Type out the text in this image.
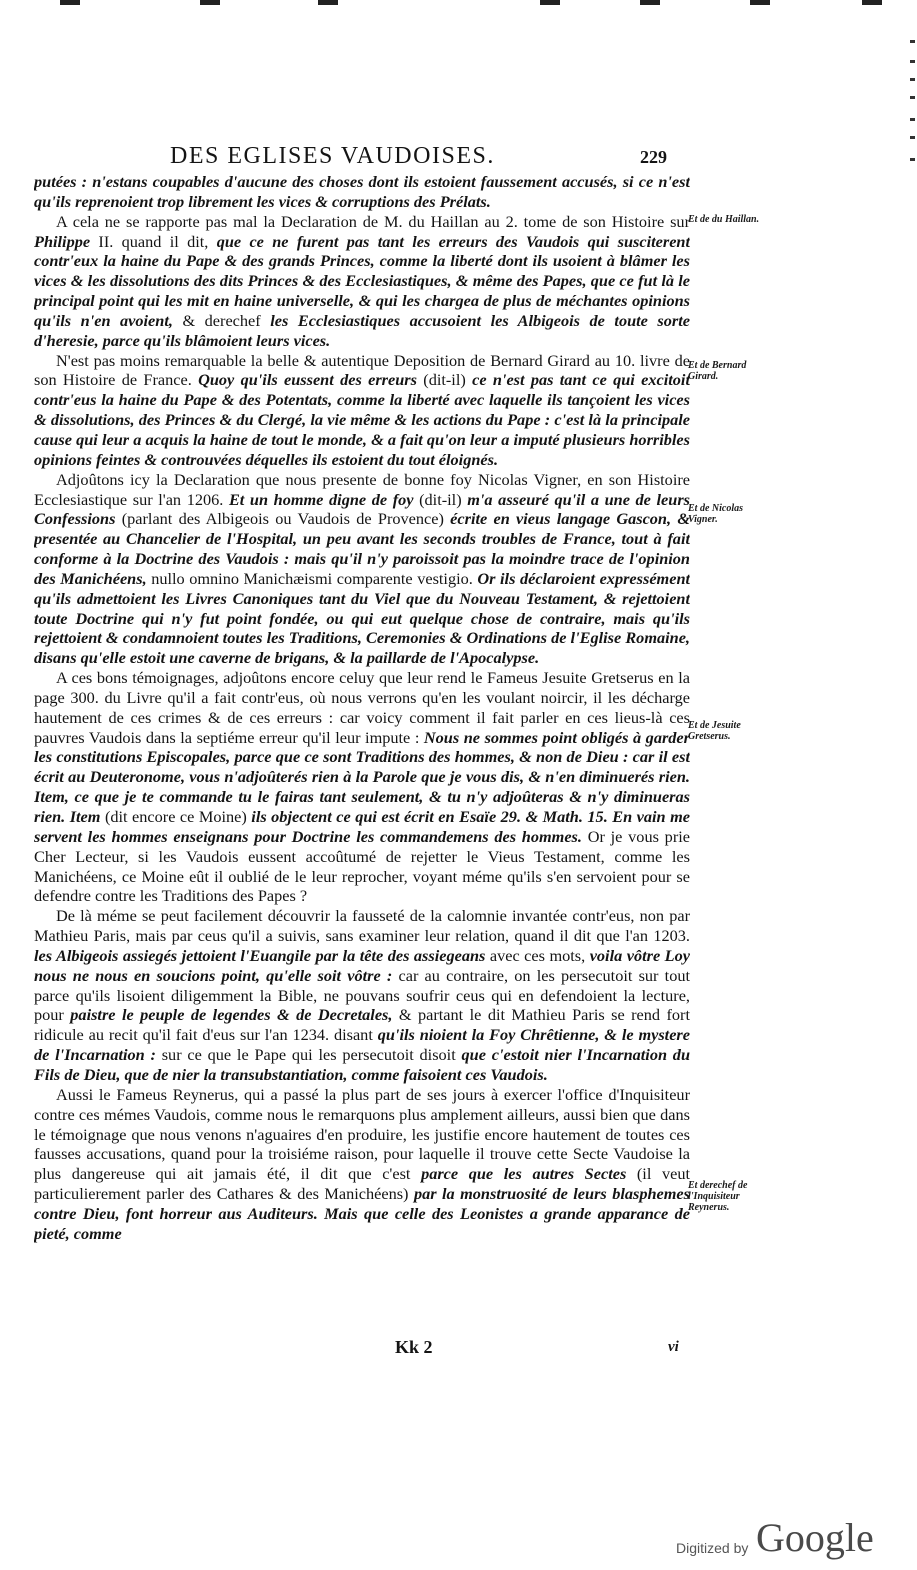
DES EGLISES VAUDOISES.	229

putées : n'estans coupables d'aucune des choses dont ils estoient faussement accusés, si ce n'est qu'ils reprenoient trop librement les vices & corruptions des Prélats.

A cela ne se rapporte pas mal la Declaration de M. du Haillan au 2. tome de son Histoire sur Philippe II. quand il dit, que ce ne furent pas tant les erreurs des Vaudois qui susciterent contr'eux la haine du Pape & des grands Princes, comme la liberté dont ils usoient à blâmer les vices & les dissolutions des dits Princes & des Ecclesiastiques, & même des Papes, que ce fut là le principal point qui les mit en haine universelle, & qui les chargea de plus de méchantes opinions qu'ils n'en avoient, & derechef les Ecclesiastiques accusoient les Albigeois de toute sorte d'heresie, parce qu'ils blâmoient leurs vices.

N'est pas moins remarquable la belle & autentique Deposition de Bernard Girard au 10. livre de son Histoire de France. Quoy qu'ils eussent des erreurs (dit-il) ce n'est pas tant ce qui excitoit contr'eus la haine du Pape & des Potentats, comme la liberté avec laquelle ils tançoient les vices & dissolutions, des Princes & du Clergé, la vie même & les actions du Pape : c'est là la principale cause qui leur a acquis la haine de tout le monde, & a fait qu'on leur a imputé plusieurs horribles opinions feintes & controuvées déquelles ils estoient du tout éloignés.

Adjoûtons icy la Declaration que nous presente de bonne foy Nicolas Vigner, en son Histoire Ecclesiastique sur l'an 1206. Et un homme digne de foy (dit-il) m'a asseuré qu'il a une de leurs Confessions (parlant des Albigeois ou Vaudois de Provence) écrite en vieus langage Gascon, & presentée au Chancelier de l'Hospital, un peu avant les seconds troubles de France, tout à fait conforme à la Doctrine des Vaudois : mais qu'il n'y paroissoit pas la moindre trace de l'opinion des Manichéens, nullo omnino Manichæismi comparente vestigio. Or ils déclaroient expressément qu'ils admettoient les Livres Canoniques tant du Viel que du Nouveau Testament, & rejettoient toute Doctrine qui n'y fut point fondée, ou qui eut quelque chose de contraire, mais qu'ils rejettoient & condamnoient toutes les Traditions, Ceremonies & Ordinations de l'Eglise Romaine, disans qu'elle estoit une caverne de brigans, & la paillarde de l'Apocalypse.

A ces bons témoignages, adjoûtons encore celuy que leur rend le Fameus Jesuite Gretserus en la page 300. du Livre qu'il a fait contr'eus, où nous verrons qu'en les voulant noircir, il les décharge hautement de ces crimes & de ces erreurs : car voicy comment il fait parler en ces lieus-là ces pauvres Vaudois dans la septiéme erreur qu'il leur impute : Nous ne sommes point obligés à garder les constitutions Episcopales, parce que ce sont Traditions des hommes, & non de Dieu : car il est écrit au Deuteronome, vous n'adjoûterés rien à la Parole que je vous dis, & n'en diminuerés rien. Item, ce que je te commande tu le fairas tant seulement, & tu n'y adjoûteras & n'y diminueras rien. Item (dit encore ce Moine) ils objectent ce qui est écrit en Esaïe 29. & Math. 15. En vain me servent les hommes enseignans pour Doctrine les commandemens des hommes. Or je vous prie Cher Lecteur, si les Vaudois eussent accoûtumé de rejetter le Vieus Testament, comme les Manichéens, ce Moine eût il oublié de le leur reprocher, voyant méme qu'ils s'en servoient pour se defendre contre les Traditions des Papes ?

De là méme se peut facilement découvrir la fausseté de la calomnie invantée contr'eus, non par Mathieu Paris, mais par ceus qu'il a suivis, sans examiner leur relation, quand il dit que l'an 1203. les Albigeois assiegés jettoient l'Euangile par la tête des assiegeans avec ces mots, voila vôtre Loy nous ne nous en soucions point, qu'elle soit vôtre : car au contraire, on les persecutoit sur tout parce qu'ils lisoient diligemment la Bible, ne pouvans soufrir ceus qui en defendoient la lecture, pour paistre le peuple de legendes & de Decretales, & partant le dit Mathieu Paris se rend fort ridicule au recit qu'il fait d'eus sur l'an 1234. disant qu'ils nioient la Foy Chrêtienne, & le mystere de l'Incarnation : sur ce que le Pape qui les persecutoit disoit que c'estoit nier l'Incarnation du Fils de Dieu, que de nier la transubstantiation, comme faisoient ces Vaudois.

Aussi le Fameus Reynerus, qui a passé la plus part de ses jours à exercer l'office d'Inquisiteur contre ces mémes Vaudois, comme nous le remarquons plus amplement ailleurs, aussi bien que dans le témoignage que nous venons n'aguaires d'en produire, les justifie encore hautement de toutes ces fausses accusations, quand pour la troisiéme raison, pour laquelle il trouve cette Secte Vaudoise la plus dangereuse qui ait jamais été, il dit que c'est parce que les autres Sectes (il veut particulierement parler des Cathares & des Manichéens) par la monstruosité de leurs blasphemes contre Dieu, font horreur aus Auditeurs. Mais que celle des Leonistes a grande apparance de pieté, comme

Et de du Haillan.
Et de Bernard Girard.
Et de Nicolas Vigner.
Et de Jesuite Gretserus.
Et derechef de l'Inquisiteur Reynerus.
Kk 2	vi
Digitized by Google
